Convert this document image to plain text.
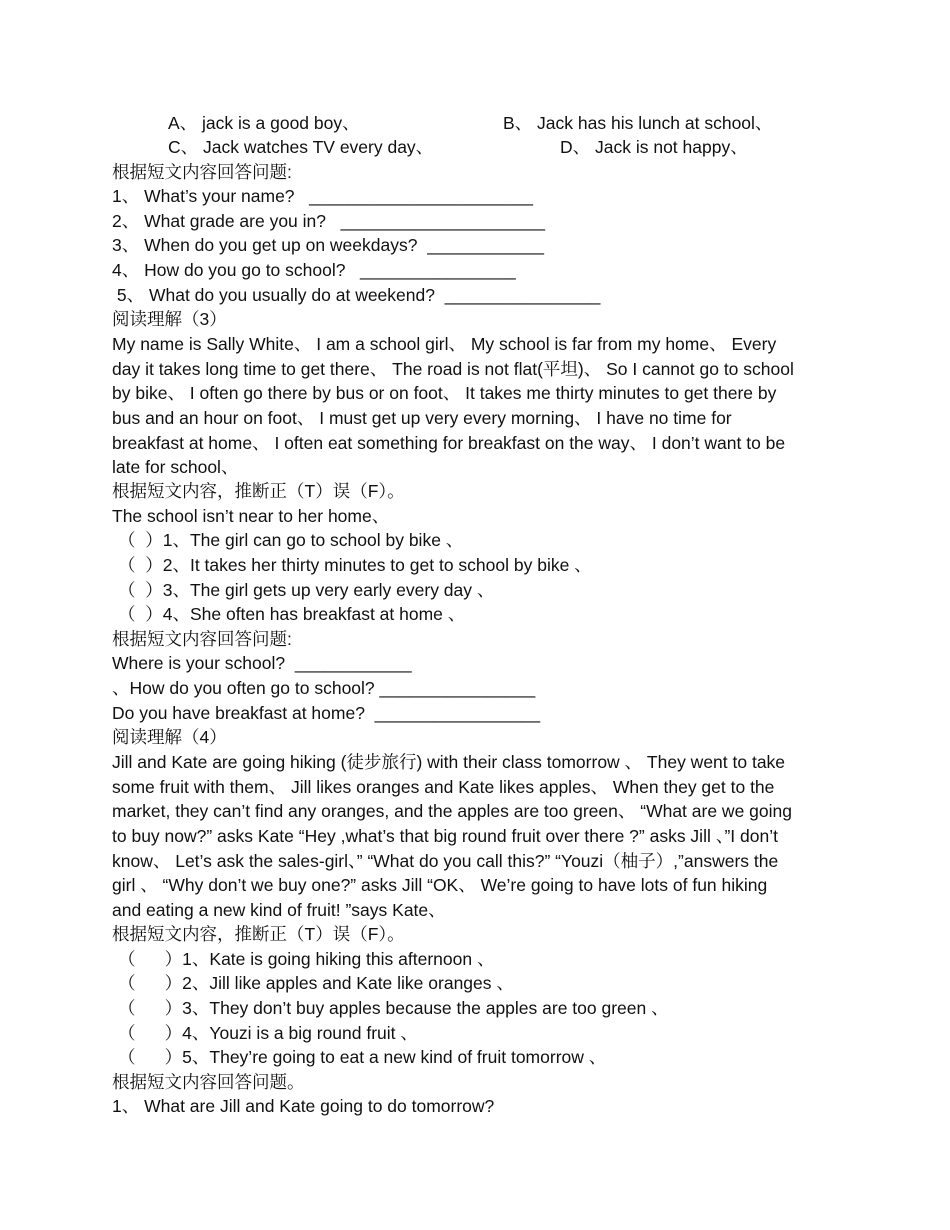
A、 jack is a good boy、	B、 Jack has his lunch at school、
C、 Jack watches TV every day、	D、 Jack is not happy、
根据短文内容回答问题:
1、 What’s your name?   _______________________
2、 What grade are you in?   _____________________
3、 When do you get up on weekdays?  ____________
4、 How do you go to school?   ________________
5、 What do you usually do at weekend?  ________________
阅读理解（3）

My name is Sally White、 I am a school girl、 My school is far from my home、 Every

day it takes long time to get there、 The road is not flat(平坦)、 So I cannot go to school

by bike、 I often go there by bus or on foot、 It takes me thirty minutes to get there by

bus and an hour on foot、 I must get up very every morning、 I have no time for

breakfast at home、 I often eat something for breakfast on the way、 I don’t want to be

late for school、

根据短文内容，推断正（T）误（F）。
The school isn’t near to her home、
（  ）1、The girl can go to school by bike 、
（  ）2、It takes her thirty minutes to get to school by bike 、
（  ）3、The girl gets up very early every day 、
（  ）4、She often has breakfast at home 、
根据短文内容回答问题:
Where is your school?  ____________
、How do you often go to school? ________________
Do you have breakfast at home?  _________________
阅读理解（4）

Jill and Kate are going hiking (徒步旅行) with their class tomorrow 、 They went to take

some fruit with them、 Jill likes oranges and Kate likes apples、 When they get to the

market, they can’t find any oranges, and the apples are too green、 “What are we going

to buy now?” asks Kate “Hey ,what’s that big round fruit over there ?” asks Jill 、”I don’t

know、 Let’s ask the sales-girl、” “What do you call this?” “Youzi（柚子）,”answers the

girl 、 “Why don’t we buy one?” asks Jill “OK、 We’re going to have lots of fun hiking

and eating a new kind of fruit! ”says Kate、

根据短文内容，推断正（T）误（F）。
（      ）1、Kate is going hiking this afternoon 、
（      ）2、Jill like apples and Kate like oranges 、
（      ）3、They don’t buy apples because the apples are too green 、
（      ）4、Youzi is a big round fruit 、
（      ）5、They’re going to eat a new kind of fruit tomorrow 、
根据短文内容回答问题。
1、 What are Jill and Kate going to do tomorrow?
